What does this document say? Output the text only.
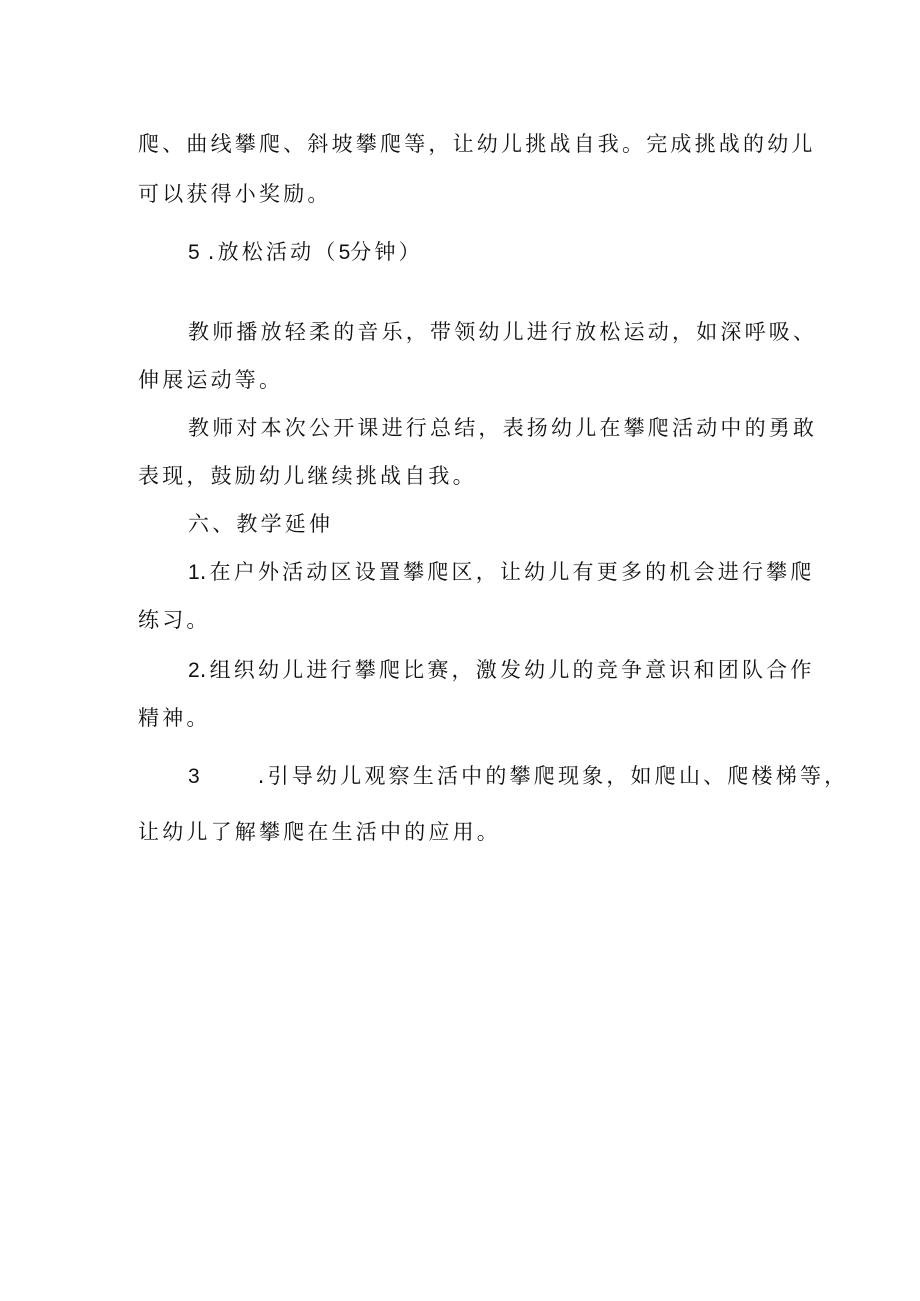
爬、曲线攀爬、斜坡攀爬等，让幼儿挑战自我。完成挑战的幼儿
可以获得小奖励。
5 .放松活动（5分钟）
教师播放轻柔的音乐，带领幼儿进行放松运动，如深呼吸、
伸展运动等。
教师对本次公开课进行总结，表扬幼儿在攀爬活动中的勇敢
表现，鼓励幼儿继续挑战自我。
六、教学延伸
1.在户外活动区设置攀爬区，让幼儿有更多的机会进行攀爬
练习。
2.组织幼儿进行攀爬比赛，激发幼儿的竞争意识和团队合作
精神。
3	.引导幼儿观察生活中的攀爬现象，如爬山、爬楼梯等，
让幼儿了解攀爬在生活中的应用。
